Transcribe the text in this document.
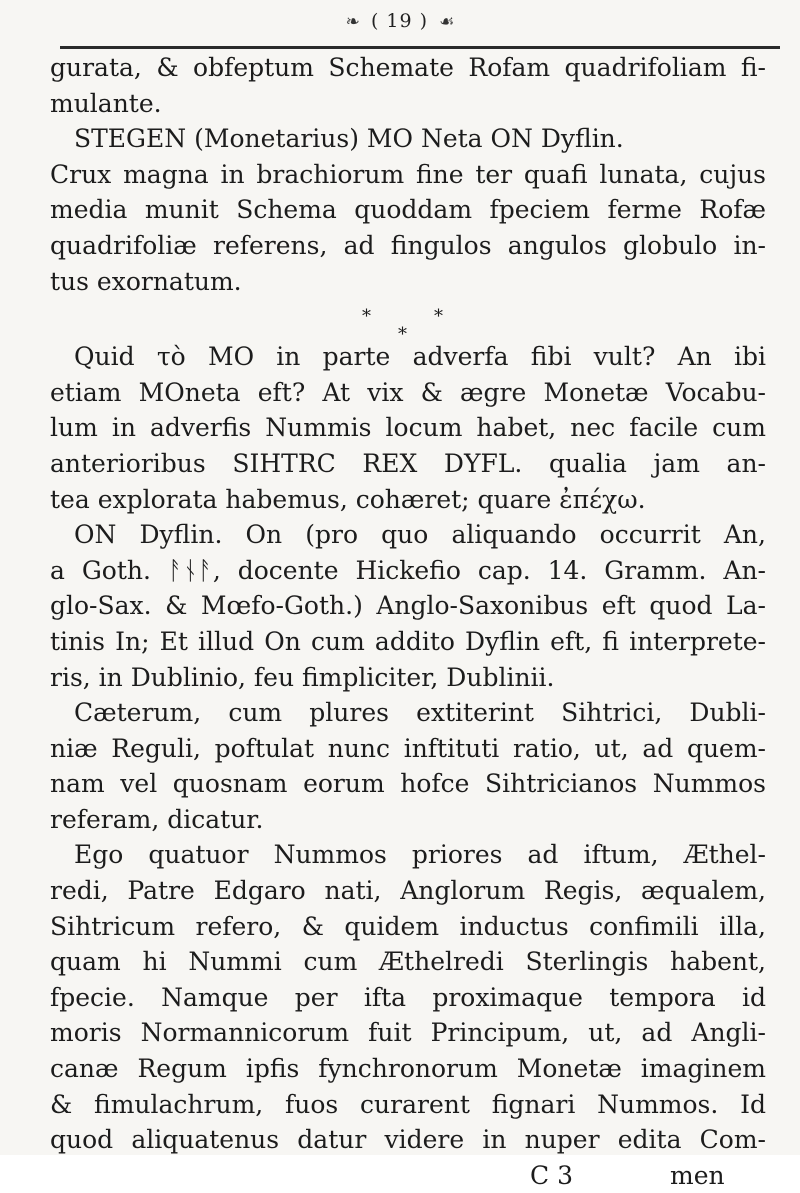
❧ ( 19 ) ☙
gurata, & obfeptum Schemate Rofam quadrifoliam fi-
mulante.
STEGEN (Monetarius) MO Neta ON Dyflin.
Crux magna in brachiorum fine ter quafi lunata, cujus
media munit Schema quoddam fpeciem ferme Rofæ
quadrifoliæ referens, ad fingulos angulos globulo in-
tus exornatum.
*	*
*
Quid τὸ MO in parte adverfa fibi vult? An ibi
etiam MOneta eft? At vix & ægre Monetæ Vocabu-
lum in adverfis Nummis locum habet, nec facile cum
anterioribus SIHTRC REX DYFL. qualia jam an-
tea explorata habemus, cohæret; quare ἐπέχω.
ON Dyflin. On (pro quo aliquando occurrit An,
a Goth. ᚨᚾᚨ, docente Hickefio cap. 14. Gramm. An-
glo-Sax. & Mœfo-Goth.) Anglo-Saxonibus eft quod La-
tinis In; Et illud On cum addito Dyflin eft, fi interprete-
ris, in Dublinio, feu fimpliciter, Dublinii.
Cæterum, cum plures extiterint Sihtrici, Dubli-
niæ Reguli, poftulat nunc inftituti ratio, ut, ad quem-
nam vel quosnam eorum hofce Sihtricianos Nummos
referam, dicatur.
Ego quatuor Nummos priores ad iftum, Æthel-
redi, Patre Edgaro nati, Anglorum Regis, æqualem,
Sihtricum refero, & quidem inductus confimili illa,
quam hi Nummi cum Æthelredi Sterlingis habent,
fpecie. Namque per ifta proximaque tempora id
moris Normannicorum fuit Principum, ut, ad Angli-
canæ Regum ipfis fynchronorum Monetæ imaginem
& fimulachrum, fuos curarent fignari Nummos. Id
quod aliquatenus datur videre in nuper edita Com-
C 3	men
